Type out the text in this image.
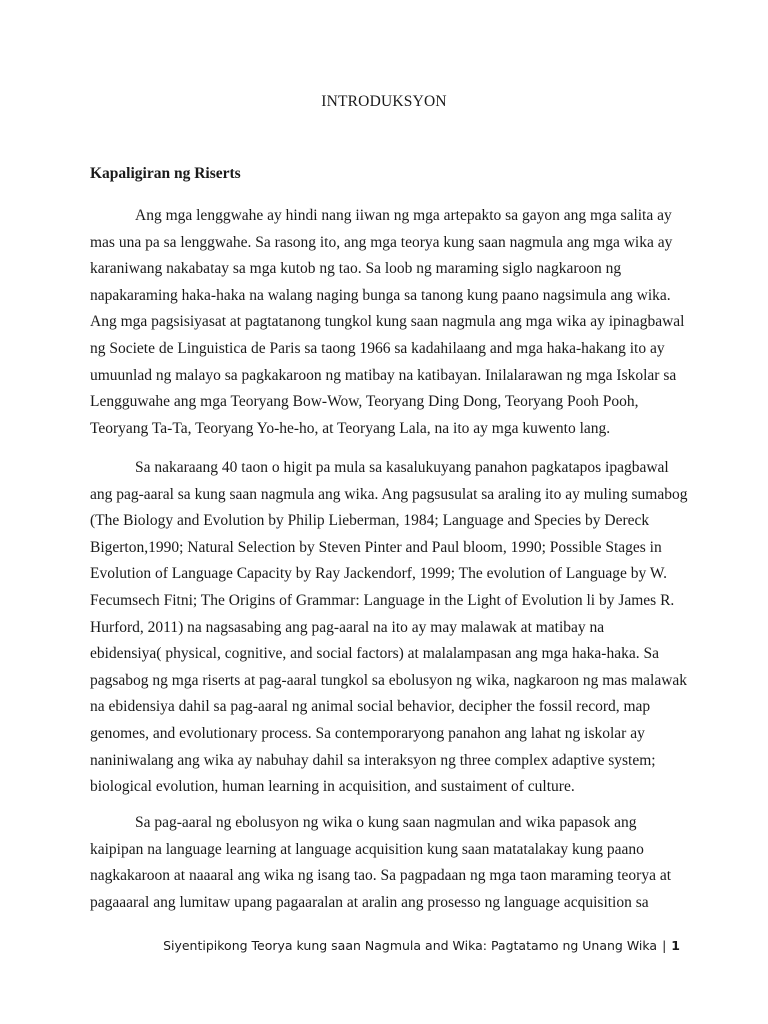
INTRODUKSYON
Kapaligiran ng Riserts

Ang mga lenggwahe ay hindi nang iiwan ng mga artepakto sa gayon ang mga salita ay
mas una pa sa lenggwahe. Sa rasong ito, ang mga teorya kung saan nagmula ang mga wika ay
karaniwang nakabatay sa mga kutob ng tao. Sa loob ng maraming siglo nagkaroon ng
napakaraming haka-haka na walang naging bunga sa tanong kung paano nagsimula ang wika.
Ang mga pagsisiyasat at pagtatanong tungkol kung saan nagmula ang mga wika ay ipinagbawal
ng Societe de Linguistica de Paris sa taong 1966 sa kadahilaang and mga haka-hakang ito ay
umuunlad ng malayo sa pagkakaroon ng matibay na katibayan. Inilalarawan ng mga Iskolar sa
Lengguwahe ang mga Teoryang Bow-Wow, Teoryang Ding Dong, Teoryang Pooh Pooh,
Teoryang Ta-Ta, Teoryang Yo-he-ho, at Teoryang Lala, na ito ay mga kuwento lang.

Sa nakaraang 40 taon o higit pa mula sa kasalukuyang panahon pagkatapos ipagbawal
ang pag-aaral sa kung saan nagmula ang wika. Ang pagsusulat sa araling ito ay muling sumabog
(The Biology and Evolution by Philip Lieberman, 1984; Language and Species by Dereck
Bigerton,1990; Natural Selection by Steven Pinter and Paul bloom, 1990; Possible Stages in
Evolution of Language Capacity by Ray Jackendorf, 1999; The evolution of Language by W.
Fecumsech Fitni; The Origins of Grammar: Language in the Light of Evolution li by James R.
Hurford, 2011) na nagsasabing ang pag-aaral na ito ay may malawak at matibay na
ebidensiya( physical, cognitive, and social factors) at malalampasan ang mga haka-haka. Sa
pagsabog ng mga riserts at pag-aaral tungkol sa ebolusyon ng wika, nagkaroon ng mas malawak
na ebidensiya dahil sa pag-aaral ng animal social behavior, decipher the fossil record, map
genomes, and evolutionary process. Sa contemporaryong panahon ang lahat ng iskolar ay
naniniwalang ang wika ay nabuhay dahil sa interaksyon ng three complex adaptive system;
biological evolution, human learning in acquisition, and sustaiment of culture.

Sa pag-aaral ng ebolusyon ng wika o kung saan nagmulan and wika papasok ang
kaipipan na language learning at language acquisition kung saan matatalakay kung paano
nagkakaroon at naaaral ang wika ng isang tao. Sa pagpadaan ng mga taon maraming teorya at
pagaaaral ang lumitaw upang pagaaralan at aralin ang prosesso ng language acquisition sa

Siyentipikong Teorya kung saan Nagmula and Wika: Pagtatamo ng Unang Wika | 1
